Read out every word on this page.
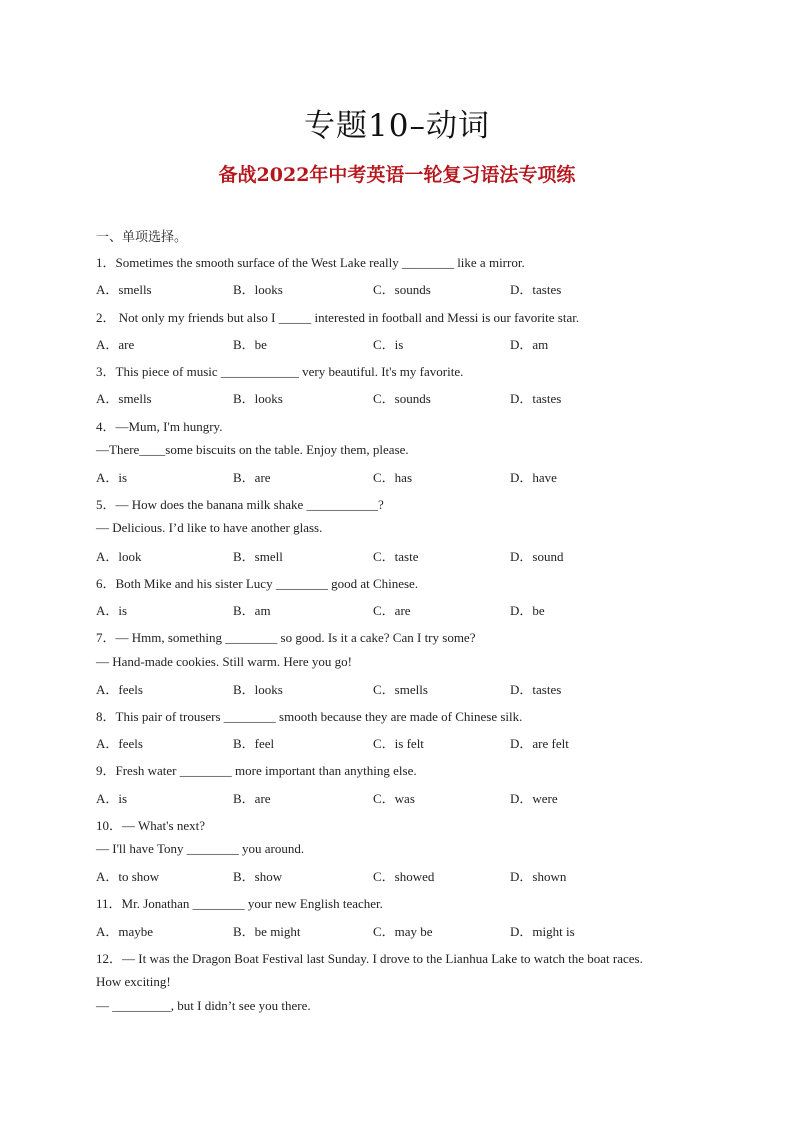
专题10–动词
备战2022年中考英语一轮复习语法专项练
一、单项选择。
1．Sometimes the smooth surface of the West Lake really ________ like a mirror.
A．smells	B．looks	C．sounds	D．tastes
2． Not only my friends but also I _____ interested in football and Messi is our favorite star.
A．are	B．be	C．is	D．am
3．This piece of music ____________ very beautiful. It's my favorite.
A．smells	B．looks	C．sounds	D．tastes
4．—Mum, I'm hungry.
—There____some biscuits on the table. Enjoy them, please.
A．is	B．are	C．has	D．have
5．— How does the banana milk shake ___________?
— Delicious. I’d like to have another glass.
A．look	B．smell	C．taste	D．sound
6．Both Mike and his sister Lucy ________ good at Chinese.
A．is	B．am	C．are	D．be
7．— Hmm, something ________ so good. Is it a cake? Can I try some?
— Hand-made cookies. Still warm. Here you go!
A．feels	B．looks	C．smells	D．tastes
8．This pair of trousers ________ smooth because they are made of Chinese silk.
A．feels	B．feel	C．is felt	D．are felt
9．Fresh water ________ more important than anything else.
A．is	B．are	C．was	D．were
10．— What's next?
— I'll have Tony ________ you around.
A．to show	B．show	C．showed	D．shown
11．Mr. Jonathan ________ your new English teacher.
A．maybe	B．be might	C．may be	D．might is
12．— It was the Dragon Boat Festival last Sunday. I drove to the Lianhua Lake to watch the boat races.
How exciting!
— _________, but I didn’t see you there.
